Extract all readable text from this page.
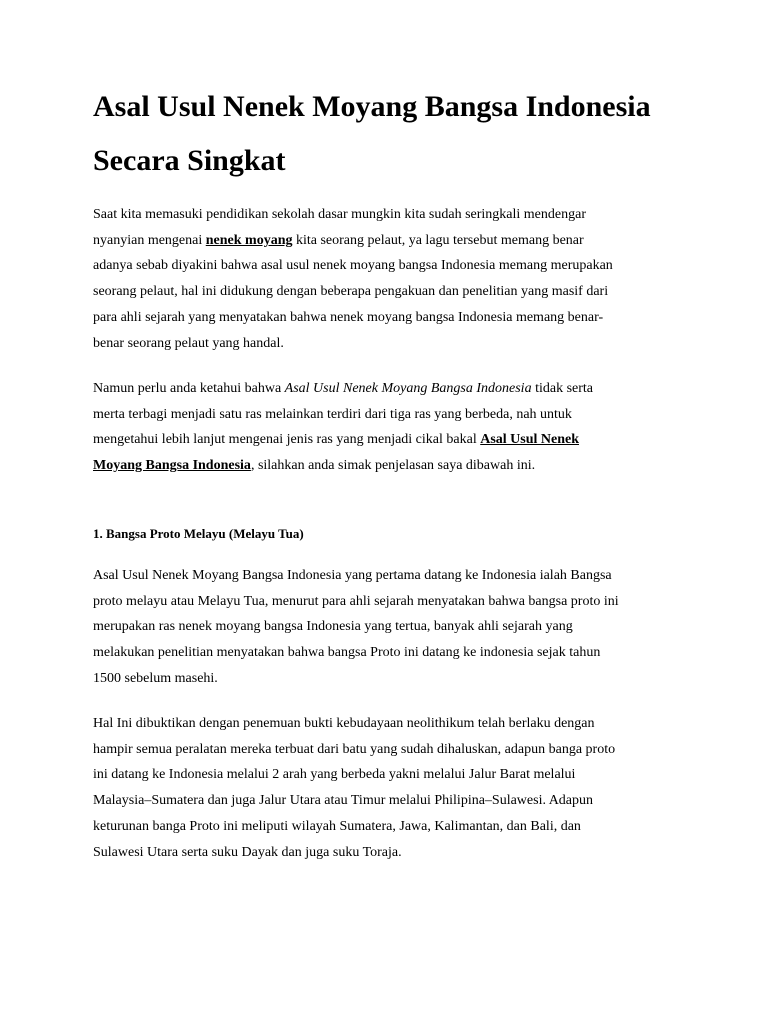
Asal Usul Nenek Moyang Bangsa Indonesia
Secara Singkat

Saat kita memasuki pendidikan sekolah dasar mungkin kita sudah seringkali mendengar
nyanyian mengenai nenek moyang kita seorang pelaut, ya lagu tersebut memang benar
adanya sebab diyakini bahwa asal usul nenek moyang bangsa Indonesia memang merupakan
seorang pelaut, hal ini didukung dengan beberapa pengakuan dan penelitian yang masif dari
para ahli sejarah yang menyatakan bahwa nenek moyang bangsa Indonesia memang benar-
benar seorang pelaut yang handal.

Namun perlu anda ketahui bahwa Asal Usul Nenek Moyang Bangsa Indonesia tidak serta
merta terbagi menjadi satu ras melainkan terdiri dari tiga ras yang berbeda, nah untuk
mengetahui lebih lanjut mengenai jenis ras yang menjadi cikal bakal Asal Usul Nenek
Moyang Bangsa Indonesia, silahkan anda simak penjelasan saya dibawah ini.

1. Bangsa Proto Melayu (Melayu Tua)

Asal Usul Nenek Moyang Bangsa Indonesia yang pertama datang ke Indonesia ialah Bangsa
proto melayu atau Melayu Tua, menurut para ahli sejarah menyatakan bahwa bangsa proto ini
merupakan ras nenek moyang bangsa Indonesia yang tertua, banyak ahli sejarah yang
melakukan penelitian menyatakan bahwa bangsa Proto ini datang ke indonesia sejak tahun
1500 sebelum masehi.

Hal Ini dibuktikan dengan penemuan bukti kebudayaan neolithikum telah berlaku dengan
hampir semua peralatan mereka terbuat dari batu yang sudah dihaluskan, adapun banga proto
ini datang ke Indonesia melalui 2 arah yang berbeda yakni melalui Jalur Barat melalui
Malaysia–Sumatera dan juga Jalur Utara atau Timur melalui Philipina–Sulawesi. Adapun
keturunan banga Proto ini meliputi wilayah Sumatera, Jawa, Kalimantan, dan Bali, dan
Sulawesi Utara serta suku Dayak dan juga suku Toraja.
